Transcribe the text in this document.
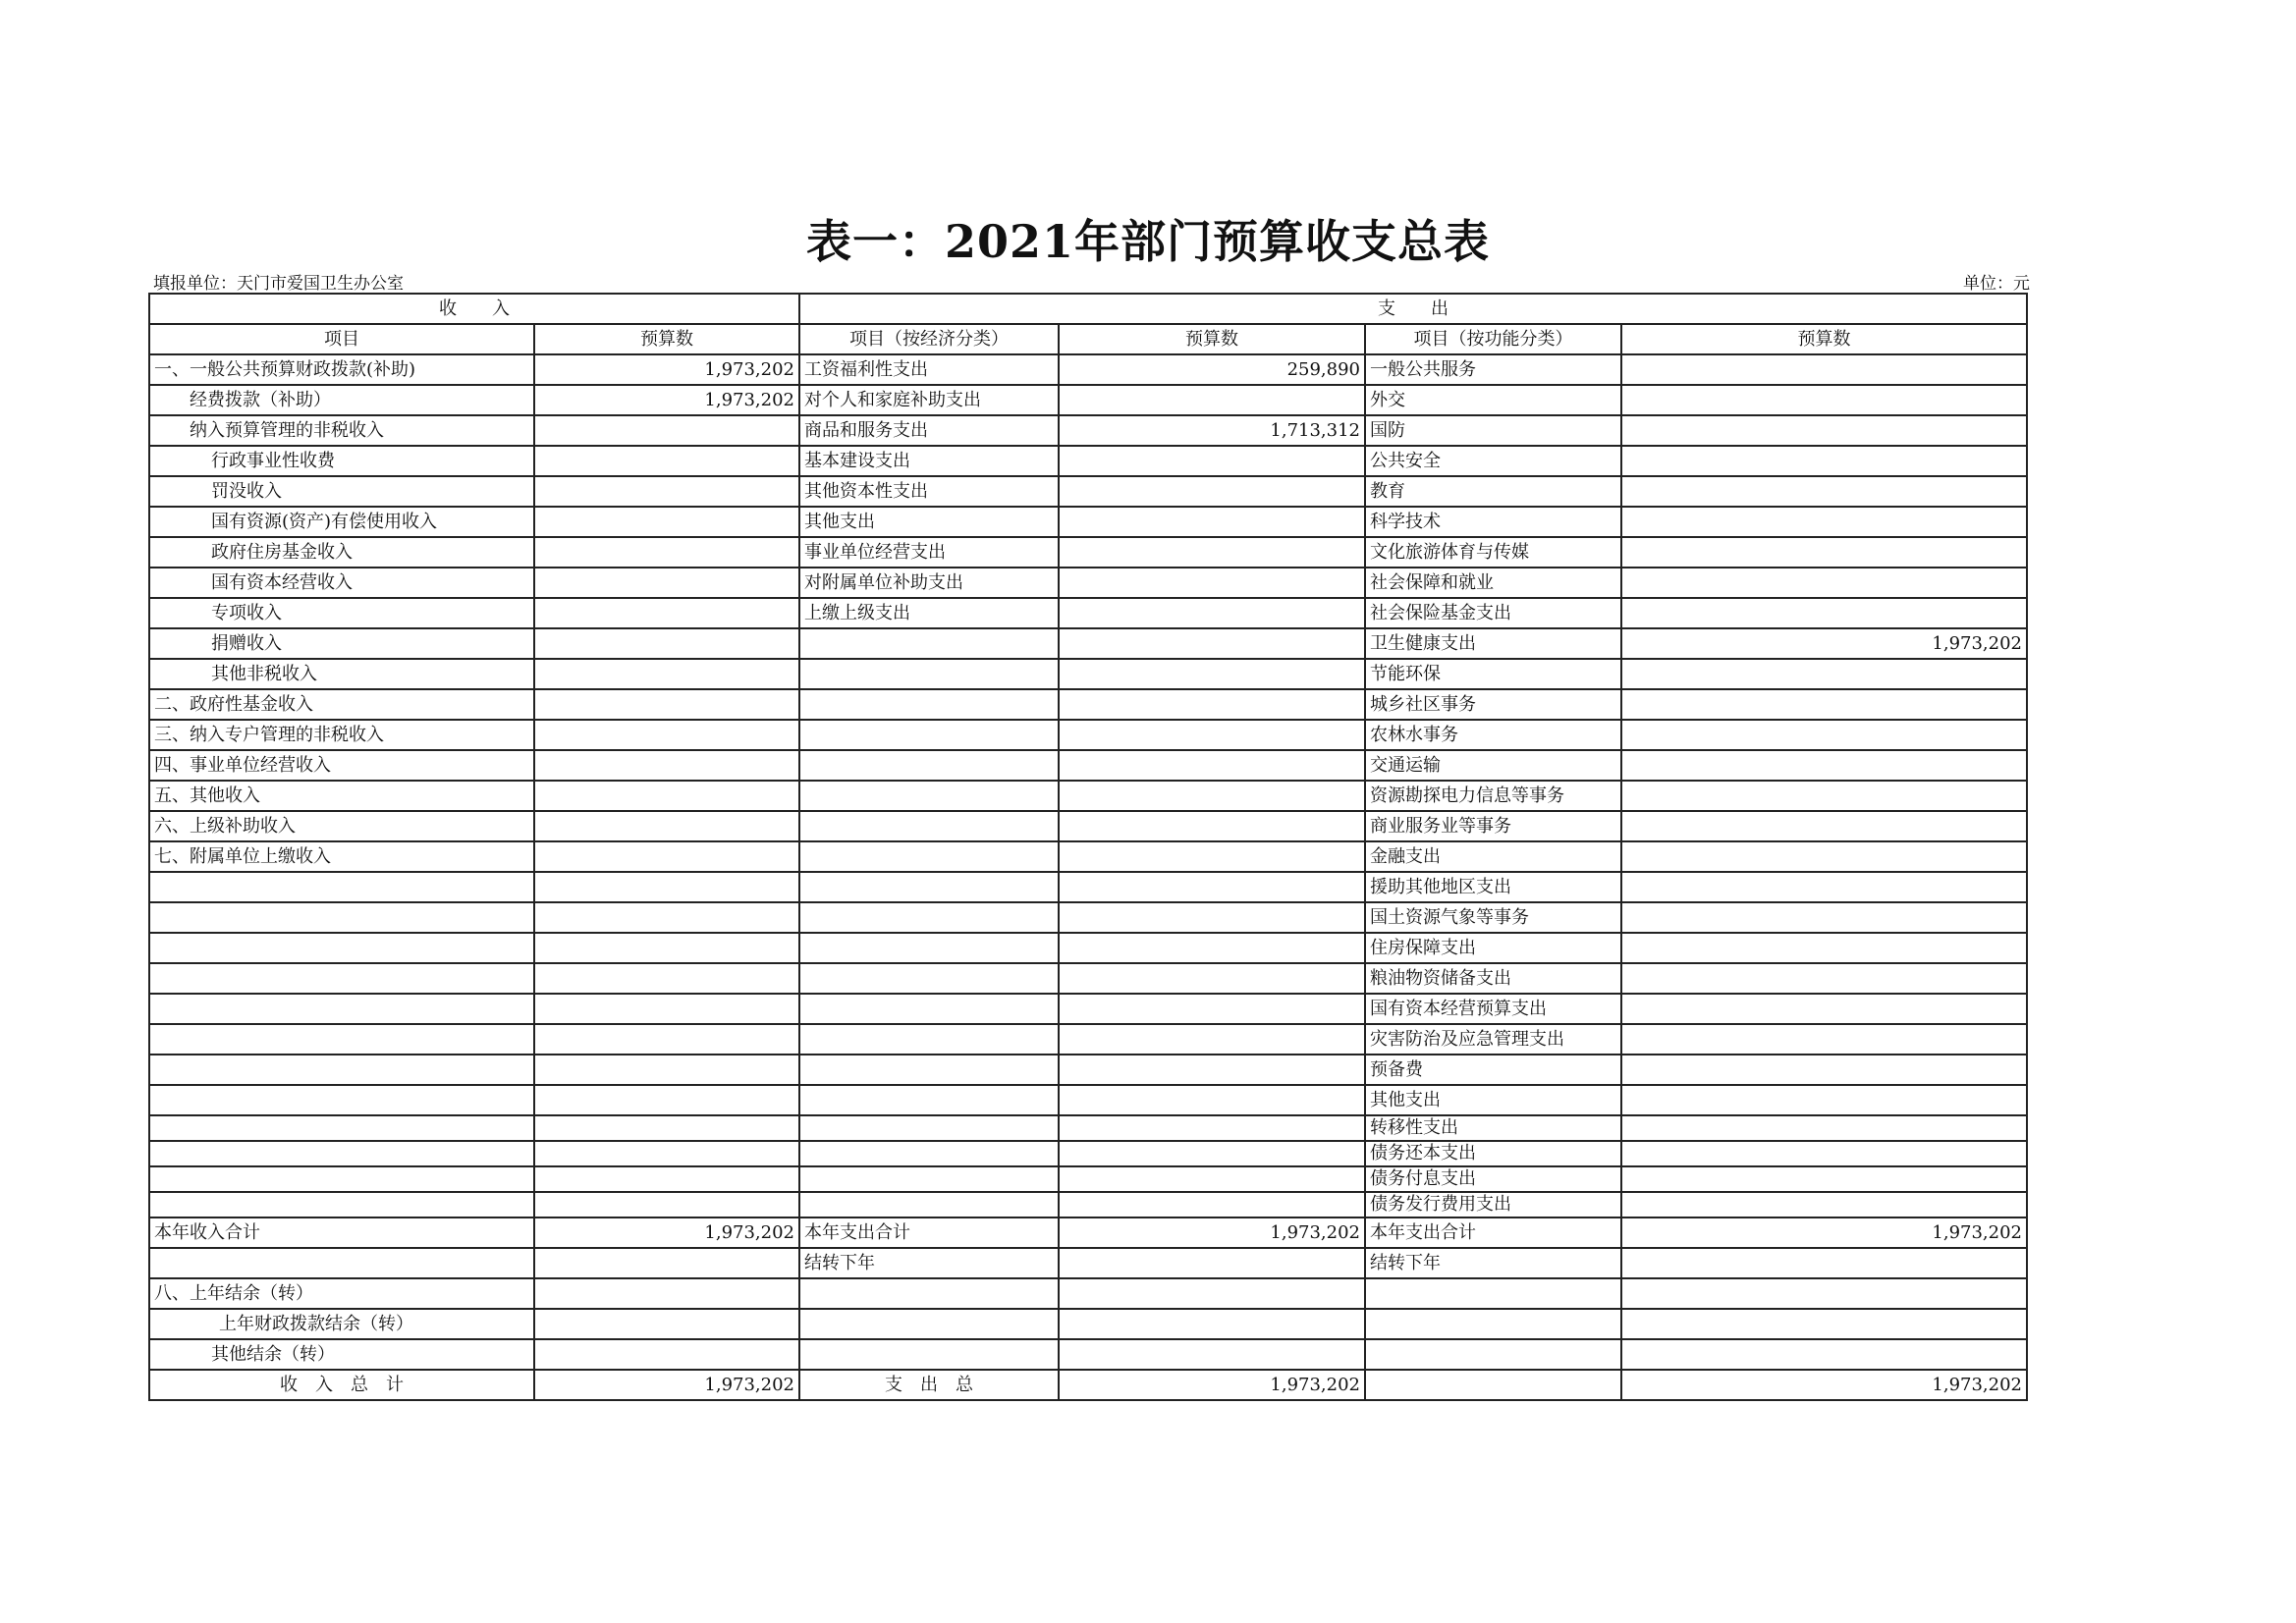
表一：2021年部门预算收支总表
填报单位：天门市爱国卫生办公室	单位：元
收　　入		支　　出			
项目	预算数	项目（按经济分类）	预算数	项目（按功能分类）	预算数
一、一般公共预算财政拨款(补助)	1,973,202	工资福利性支出	259,890	一般公共服务	
经费拨款（补助）	1,973,202	对个人和家庭补助支出		外交	
纳入预算管理的非税收入		商品和服务支出	1,713,312	国防	
行政事业性收费		基本建设支出		公共安全	
罚没收入		其他资本性支出		教育	
国有资源(资产)有偿使用收入		其他支出		科学技术	
政府住房基金收入		事业单位经营支出		文化旅游体育与传媒	
国有资本经营收入		对附属单位补助支出		社会保障和就业	
专项收入		上缴上级支出		社会保险基金支出	
捐赠收入				卫生健康支出	1,973,202
其他非税收入				节能环保	
二、政府性基金收入				城乡社区事务	
三、纳入专户管理的非税收入				农林水事务	
四、事业单位经营收入				交通运输	
五、其他收入				资源勘探电力信息等事务	
六、上级补助收入				商业服务业等事务	
七、附属单位上缴收入				金融支出	
				援助其他地区支出	
				国土资源气象等事务	
				住房保障支出	
				粮油物资储备支出	
				国有资本经营预算支出	
				灾害防治及应急管理支出	
				预备费	
				其他支出	
				转移性支出	
				债务还本支出	
				债务付息支出	
				债务发行费用支出	
本年收入合计	1,973,202	本年支出合计	1,973,202	本年支出合计	1,973,202
		结转下年		结转下年	
八、上年结余（转）					
上年财政拨款结余（转）					
其他结余（转）					
收　入　总　计	1,973,202	支　出　总	1,973,202		1,973,202
